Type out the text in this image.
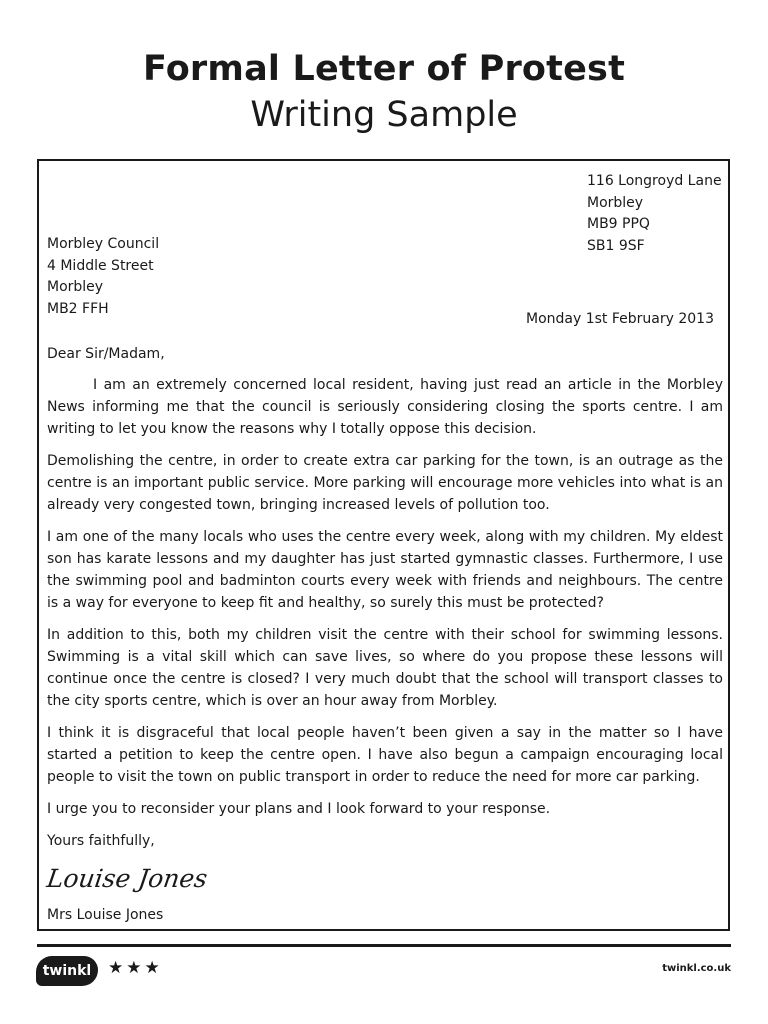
Formal Letter of Protest
Writing Sample
116 Longroyd Lane
Morbley
MB9 PPQ
SB1 9SF
Morbley Council
4 Middle Street
Morbley
MB2 FFH
Monday 1st February 2013

Dear Sir/Madam,

I am an extremely concerned local resident, having just read an article in the Morbley News informing me that the council is seriously considering closing the sports centre. I am writing to let you know the reasons why I totally oppose this decision.

Demolishing the centre, in order to create extra car parking for the town, is an outrage as the centre is an important public service. More parking will encourage more vehicles into what is an already very congested town, bringing increased levels of pollution too.

I am one of the many locals who uses the centre every week, along with my children. My eldest son has karate lessons and my daughter has just started gymnastic classes. Furthermore, I use the swimming pool and badminton courts every week with friends and neighbours. The centre is a way for everyone to keep fit and healthy, so surely this must be protected?

In addition to this, both my children visit the centre with their school for swimming lessons. Swimming is a vital skill which can save lives, so where do you propose these lessons will continue once the centre is closed? I very much doubt that the school will transport classes to the city sports centre, which is over an hour away from Morbley.

I think it is disgraceful that local people haven’t been given a say in the matter so I have started a petition to keep the centre open. I have also begun a campaign encouraging local people to visit the town on public transport in order to reduce the need for more car parking.

I urge you to reconsider your plans and I look forward to your response.

Yours faithfully,

Louise Jones

Mrs Louise Jones

twinkl ★★★	twinkl.co.uk
